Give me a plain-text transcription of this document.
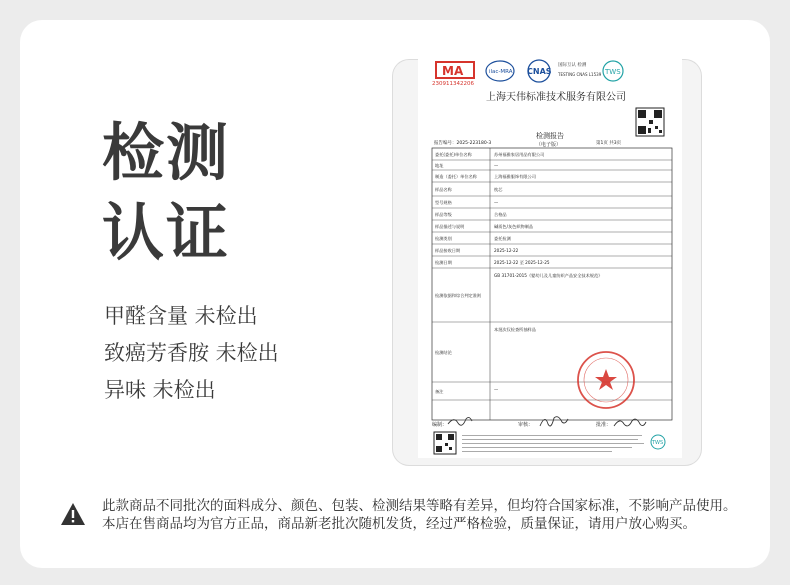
检测
认证
甲醛含量 未检出
致癌芳香胺 未检出
异味 未检出
MA
230911342206
ilac-MRA CNAS
国际互认 检测
TESTING CNAS L1539 TWS
上海天伟标准技术服务有限公司
检测报告
（电子版）
报告编号：2025-223180-3	第1页 共3页
委托(委托)单位名称	苏州福雅家居用品有限公司
地址	—
制造（委托）单位名称	上海福雅服饰有限公司
样品名称	枕芯
型号规格	—
样品等级	合格品
样品描述与说明	碱质色/灰色织物制品
检测类别	委托检测
样品接收日期	2025-12-22
检测日期	2025-12-22 至 2025-12-25
检测依据和综合判定准则
GB 31701-2015《婴幼儿及儿童纺织产品安全技术规范》
检测结论
本批次仅检查所抽样品
备注	—
编制：	审核：	批准：
TWS
此款商品不同批次的面料成分、颜色、包装、检测结果等略有差异，但均符合国家标准，不影响产品使用。
本店在售商品均为官方正品，商品新老批次随机发货，经过严格检验，质量保证，请用户放心购买。
